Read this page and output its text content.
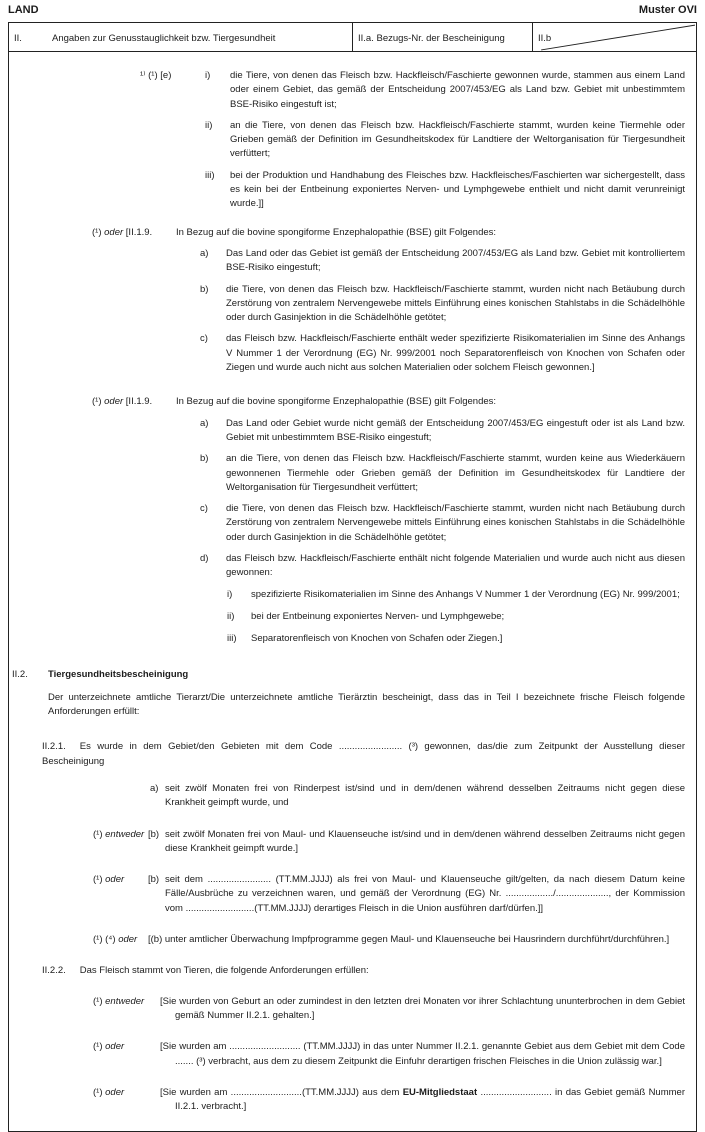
LAND	Muster OVI
II.	Angaben zur Genusstauglichkeit bzw. Tiergesundheit	II.a. Bezugs-Nr. der Bescheinigung	II.b
¹⁾ (¹) [e)	i)	die Tiere, von denen das Fleisch bzw. Hackfleisch/Faschierte gewonnen wurde, stammen aus einem Land oder einem Gebiet, das gemäß der Entscheidung 2007/453/EG als Land bzw. Gebiet mit unbestimmtem BSE-Risiko eingestuft ist;
ii)	an die Tiere, von denen das Fleisch bzw. Hackfleisch/Faschierte stammt, wurden keine Tiermehle oder Grieben gemäß der Definition im Gesundheitskodex für Landtiere der Weltorganisation für Tiergesundheit verfüttert;
iii)	bei der Produktion und Handhabung des Fleisches bzw. Hackfleisches/Faschierten war sichergestellt, dass es kein bei der Entbeinung exponiertes Nerven- und Lymphgewebe enthielt und nicht damit verunreinigt wurde.]]
(¹) oder [II.1.9.	In Bezug auf die bovine spongiforme Enzephalopathie (BSE) gilt Folgendes:
a)	Das Land oder das Gebiet ist gemäß der Entscheidung 2007/453/EG als Land bzw. Gebiet mit kontrolliertem BSE-Risiko eingestuft;
b)	die Tiere, von denen das Fleisch bzw. Hackfleisch/Faschierte stammt, wurden nicht nach Betäubung durch Zerstörung von zentralem Nervengewebe mittels Einführung eines konischen Stahlstabs in die Schädelhöhle oder durch Gasinjektion in die Schädelhöhle getötet;
c)	das Fleisch bzw. Hackfleisch/Faschierte enthält weder spezifizierte Risikomaterialien im Sinne des Anhangs V Nummer 1 der Verordnung (EG) Nr. 999/2001 noch Separatorenfleisch von Knochen von Schafen oder Ziegen und wurde auch nicht aus solchen Materialien oder solchem Fleisch gewonnen.]
(¹) oder [II.1.9.	In Bezug auf die bovine spongiforme Enzephalopathie (BSE) gilt Folgendes:
a)	Das Land oder Gebiet wurde nicht gemäß der Entscheidung 2007/453/EG eingestuft oder ist als Land bzw. Gebiet mit unbestimmtem BSE-Risiko eingestuft;
b)	an die Tiere, von denen das Fleisch bzw. Hackfleisch/Faschierte stammt, wurden keine aus Wiederkäuern gewonnenen Tiermehle oder Grieben gemäß der Definition im Gesundheitskodex für Landtiere der Weltorganisation für Tiergesundheit verfüttert;
c)	die Tiere, von denen das Fleisch bzw. Hackfleisch/Faschierte stammt, wurden nicht nach Betäubung durch Zerstörung von zentralem Nervengewebe mittels Einführung eines konischen Stahlstabs in die Schädelhöhle oder durch Gasinjektion in die Schädelhöhle getötet;
d)	das Fleisch bzw. Hackfleisch/Faschierte enthält nicht folgende Materialien und wurde auch nicht aus diesen gewonnen:
i)	spezifizierte Risikomaterialien im Sinne des Anhangs V Nummer 1 der Verordnung (EG) Nr. 999/2001;
ii)	bei der Entbeinung exponiertes Nerven- und Lymphgewebe;
iii)	Separatorenfleisch von Knochen von Schafen oder Ziegen.]
II.2.	Tiergesundheitsbescheinigung
Der unterzeichnete amtliche Tierarzt/Die unterzeichnete amtliche Tierärztin bescheinigt, dass das in Teil I bezeichnete frische Fleisch folgende Anforderungen erfüllt:
II.2.1. Es wurde in dem Gebiet/den Gebieten mit dem Code ........................ (³) gewonnen, das/die zum Zeitpunkt der Ausstellung dieser Bescheinigung
a) seit zwölf Monaten frei von Rinderpest ist/sind und in dem/denen während desselben Zeitraums nicht gegen diese Krankheit geimpft wurde, und
(¹) entweder [b) seit zwölf Monaten frei von Maul- und Klauenseuche ist/sind und in dem/denen während desselben Zeitraums nicht gegen diese Krankheit geimpft wurde.]
(¹) oder	[b) seit dem ........................ (TT.MM.JJJJ) als frei von Maul- und Klauenseuche gilt/gelten, da nach diesem Datum keine Fälle/Ausbrüche zu verzeichnen waren, und gemäß der Verordnung (EG) Nr. ................../...................., der Kommission vom ..........................(TT.MM.JJJJ) derartiges Fleisch in die Union ausführen darf/dürfen.]]
(¹) (⁴) oder	[(b) unter amtlicher Überwachung Impfprogramme gegen Maul- und Klauenseuche bei Hausrindern durchführt/durchführen.]
II.2.2. Das Fleisch stammt von Tieren, die folgende Anforderungen erfüllen:
(¹) entweder	[Sie wurden von Geburt an oder zumindest in den letzten drei Monaten vor ihrer Schlachtung ununterbrochen in dem Gebiet gemäß Nummer II.2.1. gehalten.]
(¹) oder	[Sie wurden am ........................... (TT.MM.JJJJ) in das unter Nummer II.2.1. genannte Gebiet aus dem Gebiet mit dem Code ....... (³) verbracht, aus dem zu diesem Zeitpunkt die Einfuhr derartigen frischen Fleisches in die Union zulässig war.]
(¹) oder	[Sie wurden am ...........................(TT.MM.JJJJ) aus dem EU-Mitgliedstaat ........................... in das Gebiet gemäß Nummer II.2.1. verbracht.]
